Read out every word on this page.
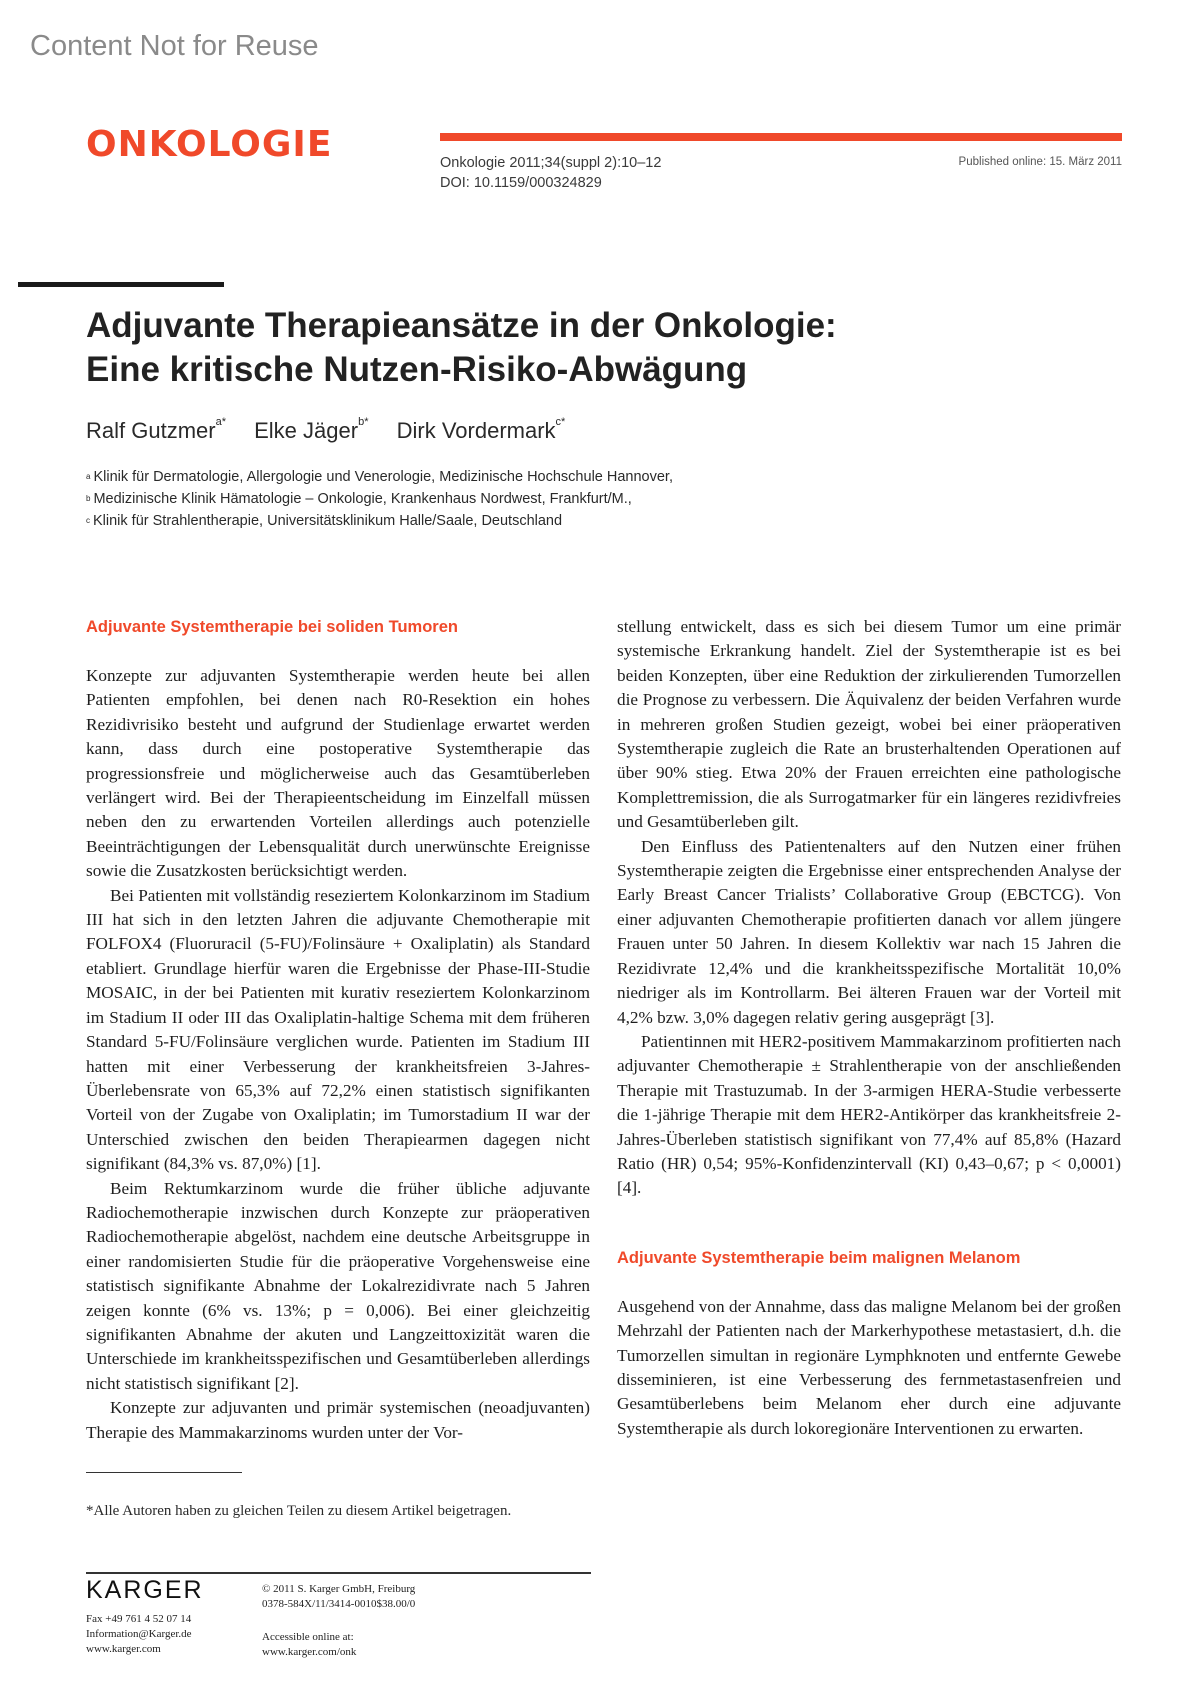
Content Not for Reuse
ONKOLOGIE	Onkologie 2011;34(suppl 2):10–12
DOI: 10.1159/000324829
Published online: 15. März 2011
Adjuvante Therapieansätze in der Onkologie:
Eine kritische Nutzen-Risiko-Abwägung
Ralf Gutzmer$^{a*}$ Elke Jäger$^{b*}$ Dirk Vordermark$^{c*}$
$^a$ Klinik für Dermatologie, Allergologie und Venerologie, Medizinische Hochschule Hannover,
$^b$ Medizinische Klinik Hämatologie – Onkologie, Krankenhaus Nordwest, Frankfurt/M.,
$^c$ Klinik für Strahlentherapie, Universitätsklinikum Halle/Saale, Deutschland
Adjuvante Systemtherapie bei soliden Tumoren

Konzepte zur adjuvanten Systemtherapie werden heute bei allen Patienten empfohlen, bei denen nach R0-Resektion ein hohes Rezidivrisiko besteht und aufgrund der Studienlage erwartet werden kann, dass durch eine postoperative Systemtherapie das progressionsfreie und möglicherweise auch das Gesamtüberleben verlängert wird. Bei der Therapieentscheidung im Einzelfall müssen neben den zu erwartenden Vorteilen allerdings auch potenzielle Beeinträchtigungen der Lebensqualität durch unerwünschte Ereignisse sowie die Zusatzkosten berücksichtigt werden.

Bei Patienten mit vollständig reseziertem Kolonkarzinom im Stadium III hat sich in den letzten Jahren die adjuvante Chemotherapie mit FOLFOX4 (Fluoruracil (5-FU)/Folinsäure + Oxaliplatin) als Standard etabliert. Grundlage hierfür waren die Ergebnisse der Phase-III-Studie MOSAIC, in der bei Patienten mit kurativ reseziertem Kolonkarzinom im Stadium II oder III das Oxaliplatin-haltige Schema mit dem früheren Standard 5-FU/Folinsäure verglichen wurde. Patienten im Stadium III hatten mit einer Verbesserung der krankheitsfreien 3-Jahres-Überlebensrate von 65,3% auf 72,2% einen statistisch signifikanten Vorteil von der Zugabe von Oxaliplatin; im Tumorstadium II war der Unterschied zwischen den beiden Therapiearmen dagegen nicht signifikant (84,3% vs. 87,0%) [1].

Beim Rektumkarzinom wurde die früher übliche adjuvante Radiochemotherapie inzwischen durch Konzepte zur präoperativen Radiochemotherapie abgelöst, nachdem eine deutsche Arbeitsgruppe in einer randomisierten Studie für die präoperative Vorgehensweise eine statistisch signifikante Abnahme der Lokalrezidivrate nach 5 Jahren zeigen konnte (6% vs. 13%; p = 0,006). Bei einer gleichzeitig signifikanten Abnahme der akuten und Langzeittoxizität waren die Unterschiede im krankheitsspezifischen und Gesamtüberleben allerdings nicht statistisch signifikant [2].

Konzepte zur adjuvanten und primär systemischen (neoadjuvanten) Therapie des Mammakarzinoms wurden unter der Vor-

stellung entwickelt, dass es sich bei diesem Tumor um eine primär systemische Erkrankung handelt. Ziel der Systemtherapie ist es bei beiden Konzepten, über eine Reduktion der zirkulierenden Tumorzellen die Prognose zu verbessern. Die Äquivalenz der beiden Verfahren wurde in mehreren großen Studien gezeigt, wobei bei einer präoperativen Systemtherapie zugleich die Rate an brusterhaltenden Operationen auf über 90% stieg. Etwa 20% der Frauen erreichten eine pathologische Komplettremission, die als Surrogatmarker für ein längeres rezidivfreies und Gesamtüberleben gilt.

Den Einfluss des Patientenalters auf den Nutzen einer frühen Systemtherapie zeigten die Ergebnisse einer entsprechenden Analyse der Early Breast Cancer Trialists’ Collaborative Group (EBCTCG). Von einer adjuvanten Chemotherapie profitierten danach vor allem jüngere Frauen unter 50 Jahren. In diesem Kollektiv war nach 15 Jahren die Rezidivrate 12,4% und die krankheitsspezifische Mortalität 10,0% niedriger als im Kontrollarm. Bei älteren Frauen war der Vorteil mit 4,2% bzw. 3,0% dagegen relativ gering ausgeprägt [3].

Patientinnen mit HER2-positivem Mammakarzinom profitierten nach adjuvanter Chemotherapie ± Strahlentherapie von der anschließenden Therapie mit Trastuzumab. In der 3-armigen HERA-Studie verbesserte die 1-jährige Therapie mit dem HER2-Antikörper das krankheitsfreie 2-Jahres-Überleben statistisch signifikant von 77,4% auf 85,8% (Hazard Ratio (HR) 0,54; 95%-Konfidenzintervall (KI) 0,43–0,67; p < 0,0001) [4].

Adjuvante Systemtherapie beim malignen Melanom

Ausgehend von der Annahme, dass das maligne Melanom bei der großen Mehrzahl der Patienten nach der Markerhypothese metastasiert, d.h. die Tumorzellen simultan in regionäre Lymphknoten und entfernte Gewebe disseminieren, ist eine Verbesserung des fernmetastasenfreien und Gesamtüberlebens beim Melanom eher durch eine adjuvante Systemtherapie als durch lokoregionäre Interventionen zu erwarten.

*Alle Autoren haben zu gleichen Teilen zu diesem Artikel beigetragen.
KARGER
Fax +49 761 4 52 07 14
Information@Karger.de
www.karger.com
© 2011 S. Karger GmbH, Freiburg
0378-584X/11/3414-0010$38.00/0
Accessible online at:
www.karger.com/onk
